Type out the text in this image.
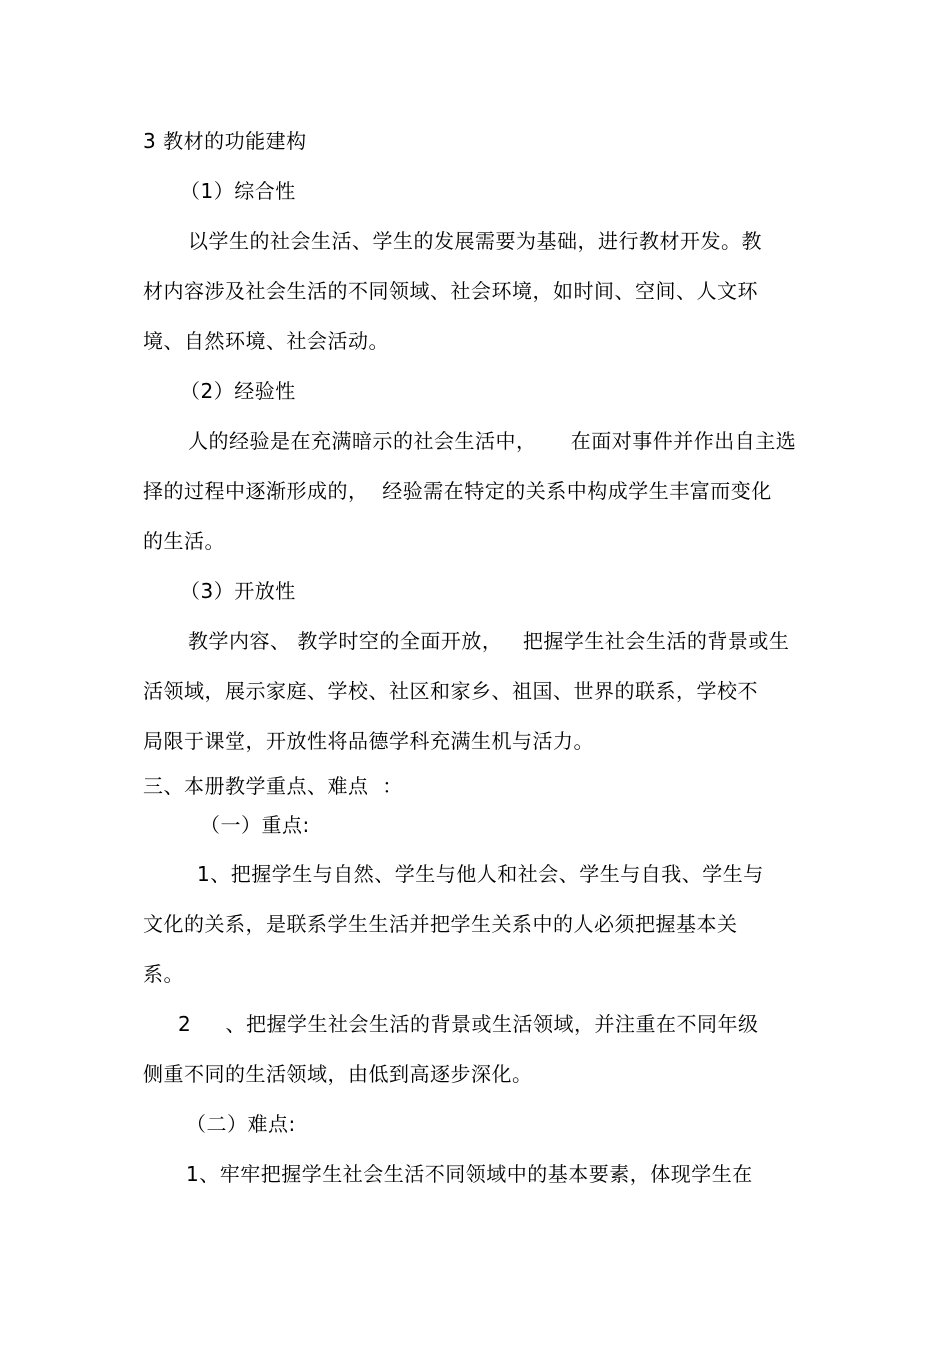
3 教材的功能建构
（1）综合性
以学生的社会生活、学生的发展需要为基础，进行教材开发。教
材内容涉及社会生活的不同领域、社会环境，如时间、空间、人文环
境、自然环境、社会活动。
（2）经验性
人的经验是在充满暗示的社会生活中，     在面对事件并作出自主选
择的过程中逐渐形成的，  经验需在特定的关系中构成学生丰富而变化
的生活。
（3）开放性
教学内容、 教学时空的全面开放，   把握学生社会生活的背景或生
活领域，展示家庭、学校、社区和家乡、祖国、世界的联系，学校不
局限于课堂，开放性将品德学科充满生机与活力。
三、本册教学重点、难点  ：
（一）重点:
1、把握学生与自然、学生与他人和社会、学生与自我、学生与
文化的关系，是联系学生生活并把学生关系中的人必须把握基本关
系。
2     、把握学生社会生活的背景或生活领域，并注重在不同年级
侧重不同的生活领域，由低到高逐步深化。
（二）难点:
1、牢牢把握学生社会生活不同领域中的基本要素，体现学生在
